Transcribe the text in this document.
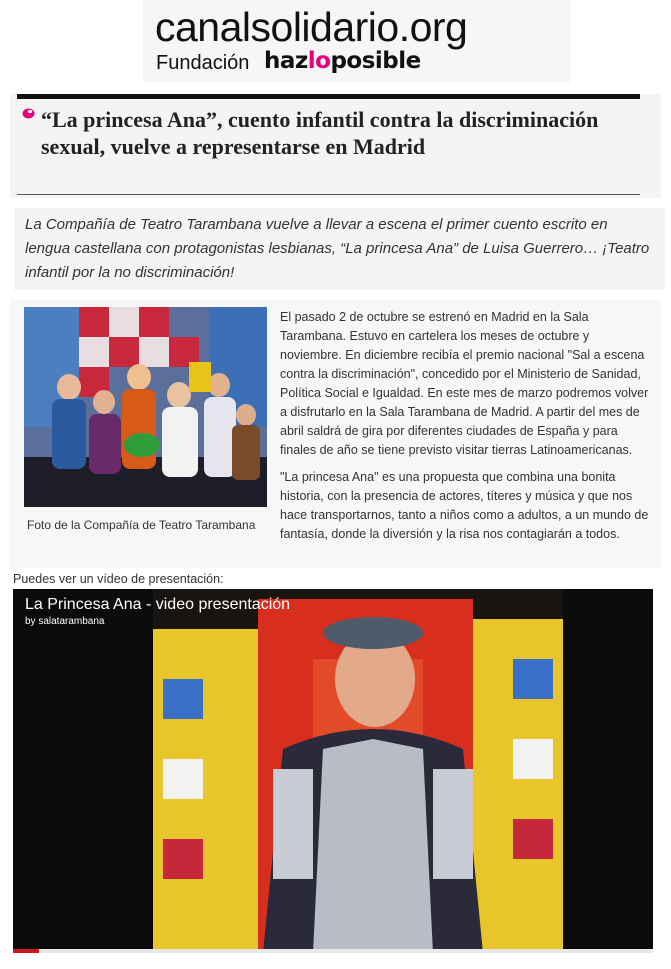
canalsolidario.org
Fundación hazloposible
“La princesa Ana”, cuento infantil contra la discriminación sexual, vuelve a representarse en Madrid

La Compañía de Teatro Tarambana vuelve a llevar a escena el primer cuento escrito en lengua castellana con protagonistas lesbianas, “La princesa Ana” de Luisa Guerrero… ¡Teatro infantil por la no discriminación!

Foto de la Compañía de Teatro Tarambana

El pasado 2 de octubre se estrenó en Madrid en la Sala Tarambana. Estuvo en cartelera los meses de octubre y noviembre. En diciembre recibía el premio nacional "Sal a escena contra la discriminación", concedido por el Ministerio de Sanidad, Política Social e Igualdad. En este mes de marzo podremos volver a disfrutarlo en la Sala Tarambana de Madrid. A partir del mes de abril saldrá de gira por diferentes ciudades de España y para finales de año se tiene previsto visitar tierras Latinoamericanas.

"La princesa Ana" es una propuesta que combina una bonita historia, con la presencia de actores, títeres y música y que nos hace transportarnos, tanto a niños como a adultos, a un mundo de fantasía, donde la diversión y la risa nos contagiarán a todos.

Puedes ver un vídeo de presentación:
La Princesa Ana - video presentación
by salatarambana
